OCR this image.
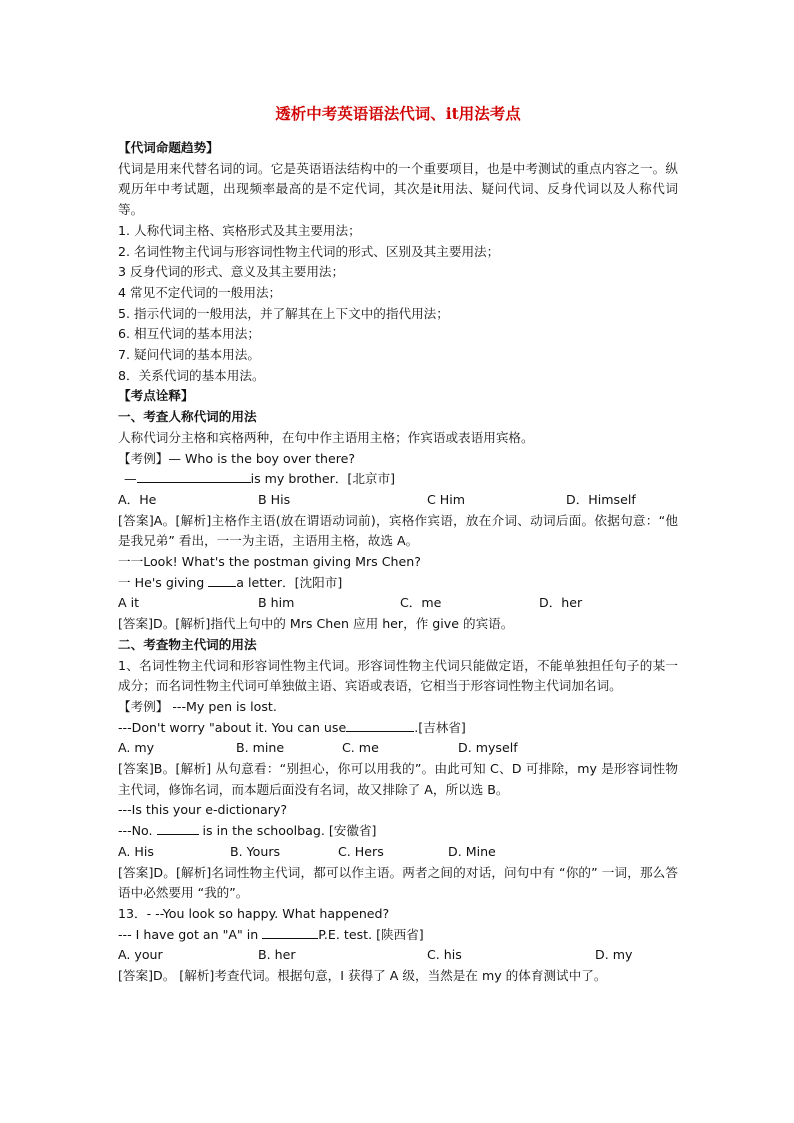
透析中考英语语法代词、it用法考点
【代词命题趋势】
代词是用来代替名词的词。它是英语语法结构中的一个重要项目，也是中考测试的重点内容之一。纵观历年中考试题，出现频率最高的是不定代词，其次是it用法、疑问代词、反身代词以及人称代词等。
1. 人称代词主格、宾格形式及其主要用法；
2. 名词性物主代词与形容词性物主代词的形式、区别及其主要用法；
3 反身代词的形式、意义及其主要用法；
4 常见不定代词的一般用法；
5. 指示代词的一般用法，并了解其在上下文中的指代用法；
6. 相互代词的基本用法；
7. 疑问代词的基本用法。
8．关系代词的基本用法。
【考点诠释】
一、考查人称代词的用法
人称代词分主格和宾格两种，在句中作主语用主格；作宾语或表语用宾格。
【考例】— Who is the boy over there?
—	is my brother．[北京市]
A．He	B His	C Him	D．Himself
[答案]A。[解析]主格作主语(放在谓语动词前)，宾格作宾语，放在介词、动词后面。依据句意：“他是我兄弟” 看出，一一为主语，主语用主格，故选 A。
一一Look! What's the postman giving Mrs Chen?
一 He's giving a letter．[沈阳市]
A it	B him	C．me	D．her
[答案]D。[解析]指代上句中的 Mrs Chen 应用 her，作 give 的宾语。
二、考查物主代词的用法
1、名词性物主代词和形容词性物主代词。形容词性物主代词只能做定语，不能单独担任句子的某一成分；而名词性物主代词可单独做主语、宾语或表语，它相当于形容词性物主代词加名词。
【考例】 ---My pen is lost.
---Don't worry "about it. You can use	.[吉林省]
A. my	B. mine	C. me	D. myself
[答案]B。[解析] 从句意看：“别担心，你可以用我的”。由此可知 C、D 可排除，my 是形容词性物主代词，修饰名词，而本题后面没有名词，故又排除了 A，所以选 B。
---Is this your e-dictionary?
---No.	is in the schoolbag. [安徽省]
A. His	B. Yours	C. Hers	D. Mine
[答案]D。[解析]名词性物主代词，都可以作主语。两者之间的对话，问句中有 “你的” 一词，那么答语中必然要用 “我的”。
13．- --You look so happy. What happened?
--- I have got an "A" in	P.E. test. [陕西省]
A. your	B. her	C. his	D. my
[答案]D。 [解析]考查代词。根据句意，I 获得了 A 级，当然是在 my 的体育测试中了。
